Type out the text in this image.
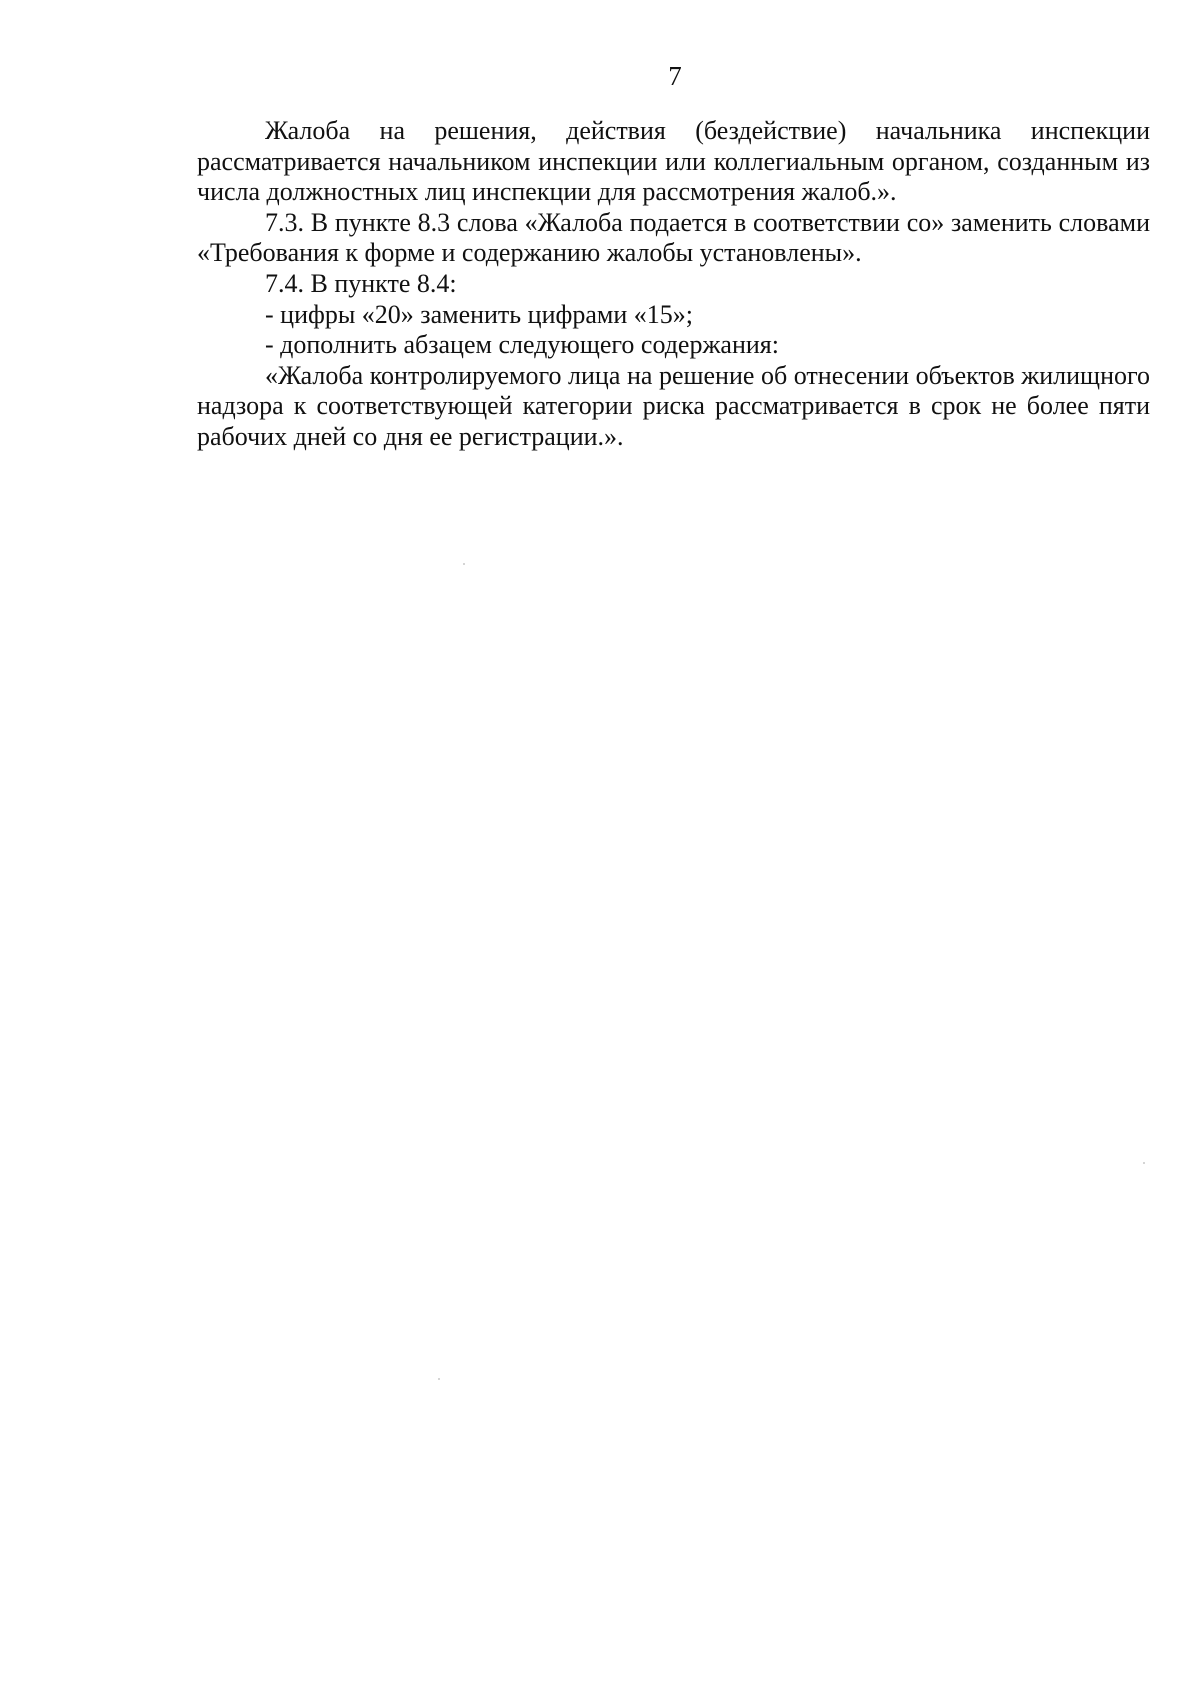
7

Жалоба на решения, действия (бездействие) начальника инспекции рассматривается начальником инспекции или коллегиальным органом, созданным из числа должностных лиц инспекции для рассмотрения жалоб.».

7.3. В пункте 8.3 слова «Жалоба подается в соответствии со» заменить словами «Требования к форме и содержанию жалобы установлены».

7.4. В пункте 8.4:

- цифры «20» заменить цифрами «15»;

- дополнить абзацем следующего содержания:

«Жалоба контролируемого лица на решение об отнесении объектов жилищного надзора к соответствующей категории риска рассматривается в срок не более пяти рабочих дней со дня ее регистрации.».
